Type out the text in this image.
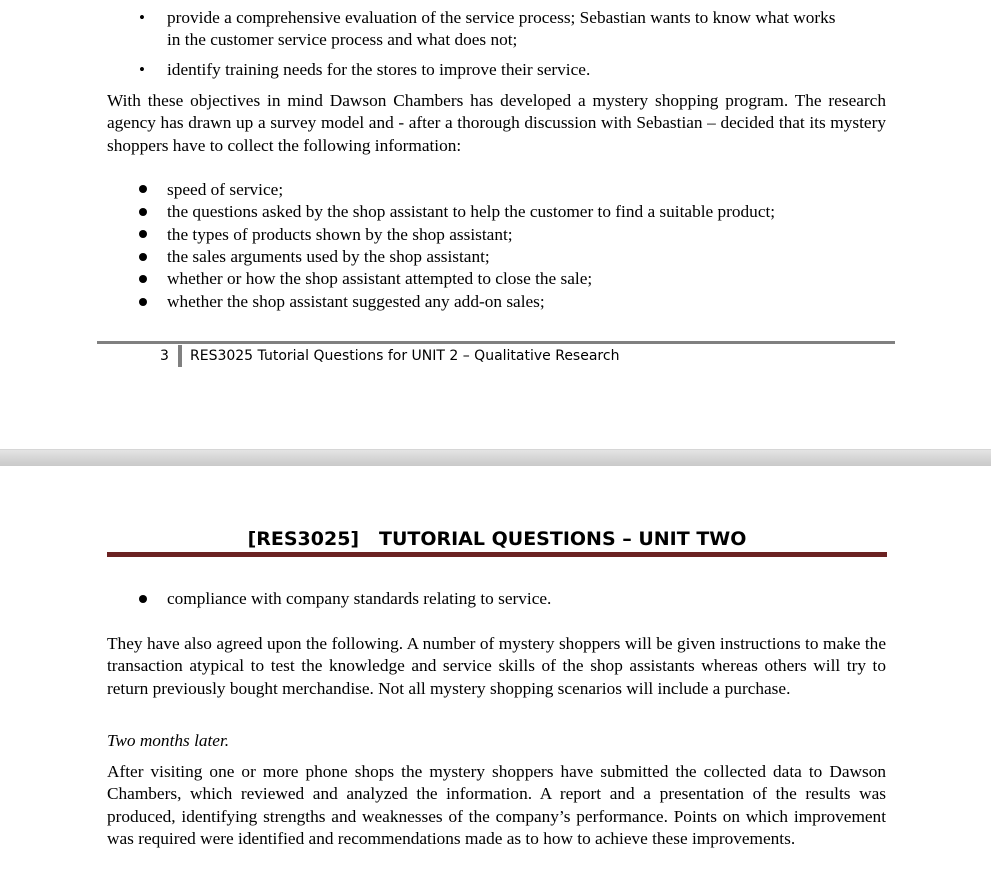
• provide a comprehensive evaluation of the service process; Sebastian wants to know what works
in the customer service process and what does not;
• identify training needs for the stores to improve their service.
With these objectives in mind Dawson Chambers has developed a mystery shopping program. The research agency has drawn up a survey model and - after a thorough discussion with Sebastian – decided that its mystery shoppers have to collect the following information:
speed of service;
the questions asked by the shop assistant to help the customer to find a suitable product;
the types of products shown by the shop assistant;
the sales arguments used by the shop assistant;
whether or how the shop assistant attempted to close the sale;
whether the shop assistant suggested any add-on sales;
3 RES3025 Tutorial Questions for UNIT 2 – Qualitative Research
[RES3025] TUTORIAL QUESTIONS – UNIT TWO
compliance with company standards relating to service.
They have also agreed upon the following. A number of mystery shoppers will be given instructions to make the transaction atypical to test the knowledge and service skills of the shop assistants whereas others will try to return previously bought merchandise. Not all mystery shopping scenarios will include a purchase.
Two months later.
After visiting one or more phone shops the mystery shoppers have submitted the collected data to Dawson Chambers, which reviewed and analyzed the information. A report and a presentation of the results was produced, identifying strengths and weaknesses of the company’s performance. Points on which improvement was required were identified and recommendations made as to how to achieve these improvements.
